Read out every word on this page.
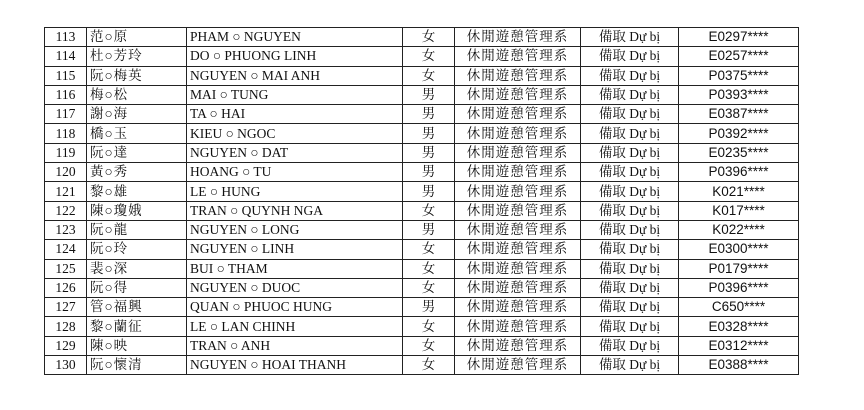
113	范○原	PHAM ○ NGUYEN	女	休閒遊憩管理系	備取 Dự bị	E0297****
114	杜○芳玲	DO ○ PHUONG LINH	女	休閒遊憩管理系	備取 Dự bị	E0257****
115	阮○梅英	NGUYEN ○ MAI ANH	女	休閒遊憩管理系	備取 Dự bị	P0375****
116	梅○松	MAI ○ TUNG	男	休閒遊憩管理系	備取 Dự bị	P0393****
117	謝○海	TA ○ HAI	男	休閒遊憩管理系	備取 Dự bị	E0387****
118	橋○玉	KIEU ○ NGOC	男	休閒遊憩管理系	備取 Dự bị	P0392****
119	阮○達	NGUYEN ○ DAT	男	休閒遊憩管理系	備取 Dự bị	E0235****
120	黃○秀	HOANG ○ TU	男	休閒遊憩管理系	備取 Dự bị	P0396****
121	黎○雄	LE ○ HUNG	男	休閒遊憩管理系	備取 Dự bị	K021****
122	陳○瓊娥	TRAN ○ QUYNH NGA	女	休閒遊憩管理系	備取 Dự bị	K017****
123	阮○龍	NGUYEN ○ LONG	男	休閒遊憩管理系	備取 Dự bị	K022****
124	阮○玲	NGUYEN ○ LINH	女	休閒遊憩管理系	備取 Dự bị	E0300****
125	裴○深	BUI ○ THAM	女	休閒遊憩管理系	備取 Dự bị	P0179****
126	阮○得	NGUYEN ○ DUOC	女	休閒遊憩管理系	備取 Dự bị	P0396****
127	管○福興	QUAN ○ PHUOC HUNG	男	休閒遊憩管理系	備取 Dự bị	C650****
128	黎○蘭征	LE ○ LAN CHINH	女	休閒遊憩管理系	備取 Dự bị	E0328****
129	陳○映	TRAN ○ ANH	女	休閒遊憩管理系	備取 Dự bị	E0312****
130	阮○懷清	NGUYEN ○ HOAI THANH	女	休閒遊憩管理系	備取 Dự bị	E0388****
